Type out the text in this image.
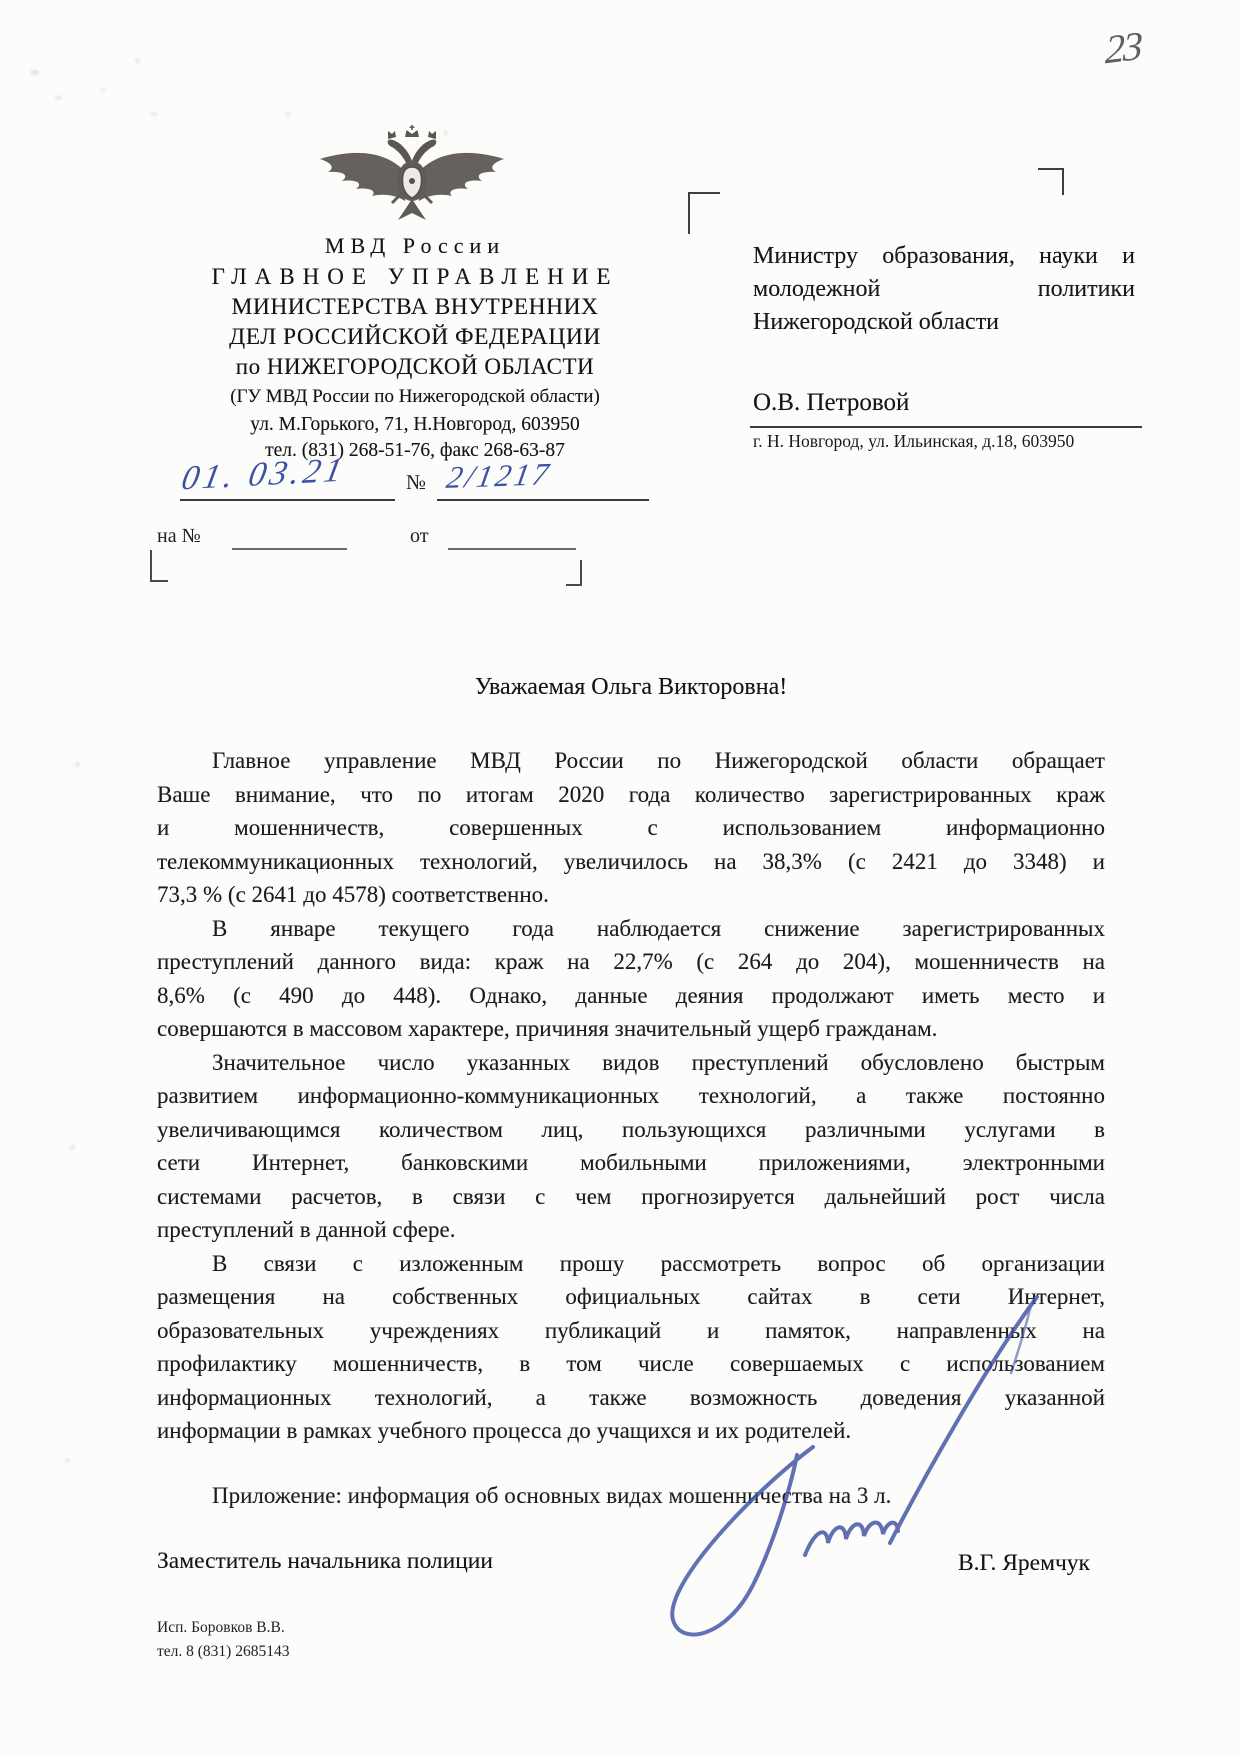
23
МВД России
ГЛАВНОЕ УПРАВЛЕНИЕ
МИНИСТЕРСТВА ВНУТРЕННИХ
ДЕЛ РОССИЙСКОЙ ФЕДЕРАЦИИ
по НИЖЕГОРОДСКОЙ ОБЛАСТИ
(ГУ МВД России по Нижегородской области)
ул. М.Горького, 71, Н.Новгород, 603950
тел. (831) 268-51-76, факс 268-63-87
01. 03.21	№ 2/1217
на №	от
Министру образования, науки и
молодежной политики
Нижегородской области
О.В. Петровой
г. Н. Новгород, ул. Ильинская, д.18, 603950
Уважаемая Ольга Викторовна!
Главное управление МВД России по Нижегородской области обращает
Ваше внимание, что по итогам 2020 года количество зарегистрированных краж
и мошенничеств, совершенных с использованием информационно
телекоммуникационных технологий, увеличилось на 38,3% (с 2421 до 3348) и
73,3 % (с 2641 до 4578) соответственно.
В январе текущего года наблюдается снижение зарегистрированных
преступлений данного вида: краж на 22,7% (с 264 до 204), мошенничеств на
8,6% (с 490 до 448). Однако, данные деяния продолжают иметь место и
совершаются в массовом характере, причиняя значительный ущерб гражданам.
Значительное число указанных видов преступлений обусловлено быстрым
развитием информационно-коммуникационных технологий, а также постоянно
увеличивающимся количеством лиц, пользующихся различными услугами в
сети Интернет, банковскими мобильными приложениями, электронными
системами расчетов, в связи с чем прогнозируется дальнейший рост числа
преступлений в данной сфере.
В связи с изложенным прошу рассмотреть вопрос об организации
размещения на собственных официальных сайтах в сети Интернет,
образовательных учреждениях публикаций и памяток, направленных на
профилактику мошенничеств, в том числе совершаемых с использованием
информационных технологий, а также возможность доведения указанной
информации в рамках учебного процесса до учащихся и их родителей.
Приложение: информация об основных видах мошенничества на 3 л.
Заместитель начальника полиции	В.Г. Яремчук
Исп. Боровков В.В.
тел. 8 (831) 2685143
